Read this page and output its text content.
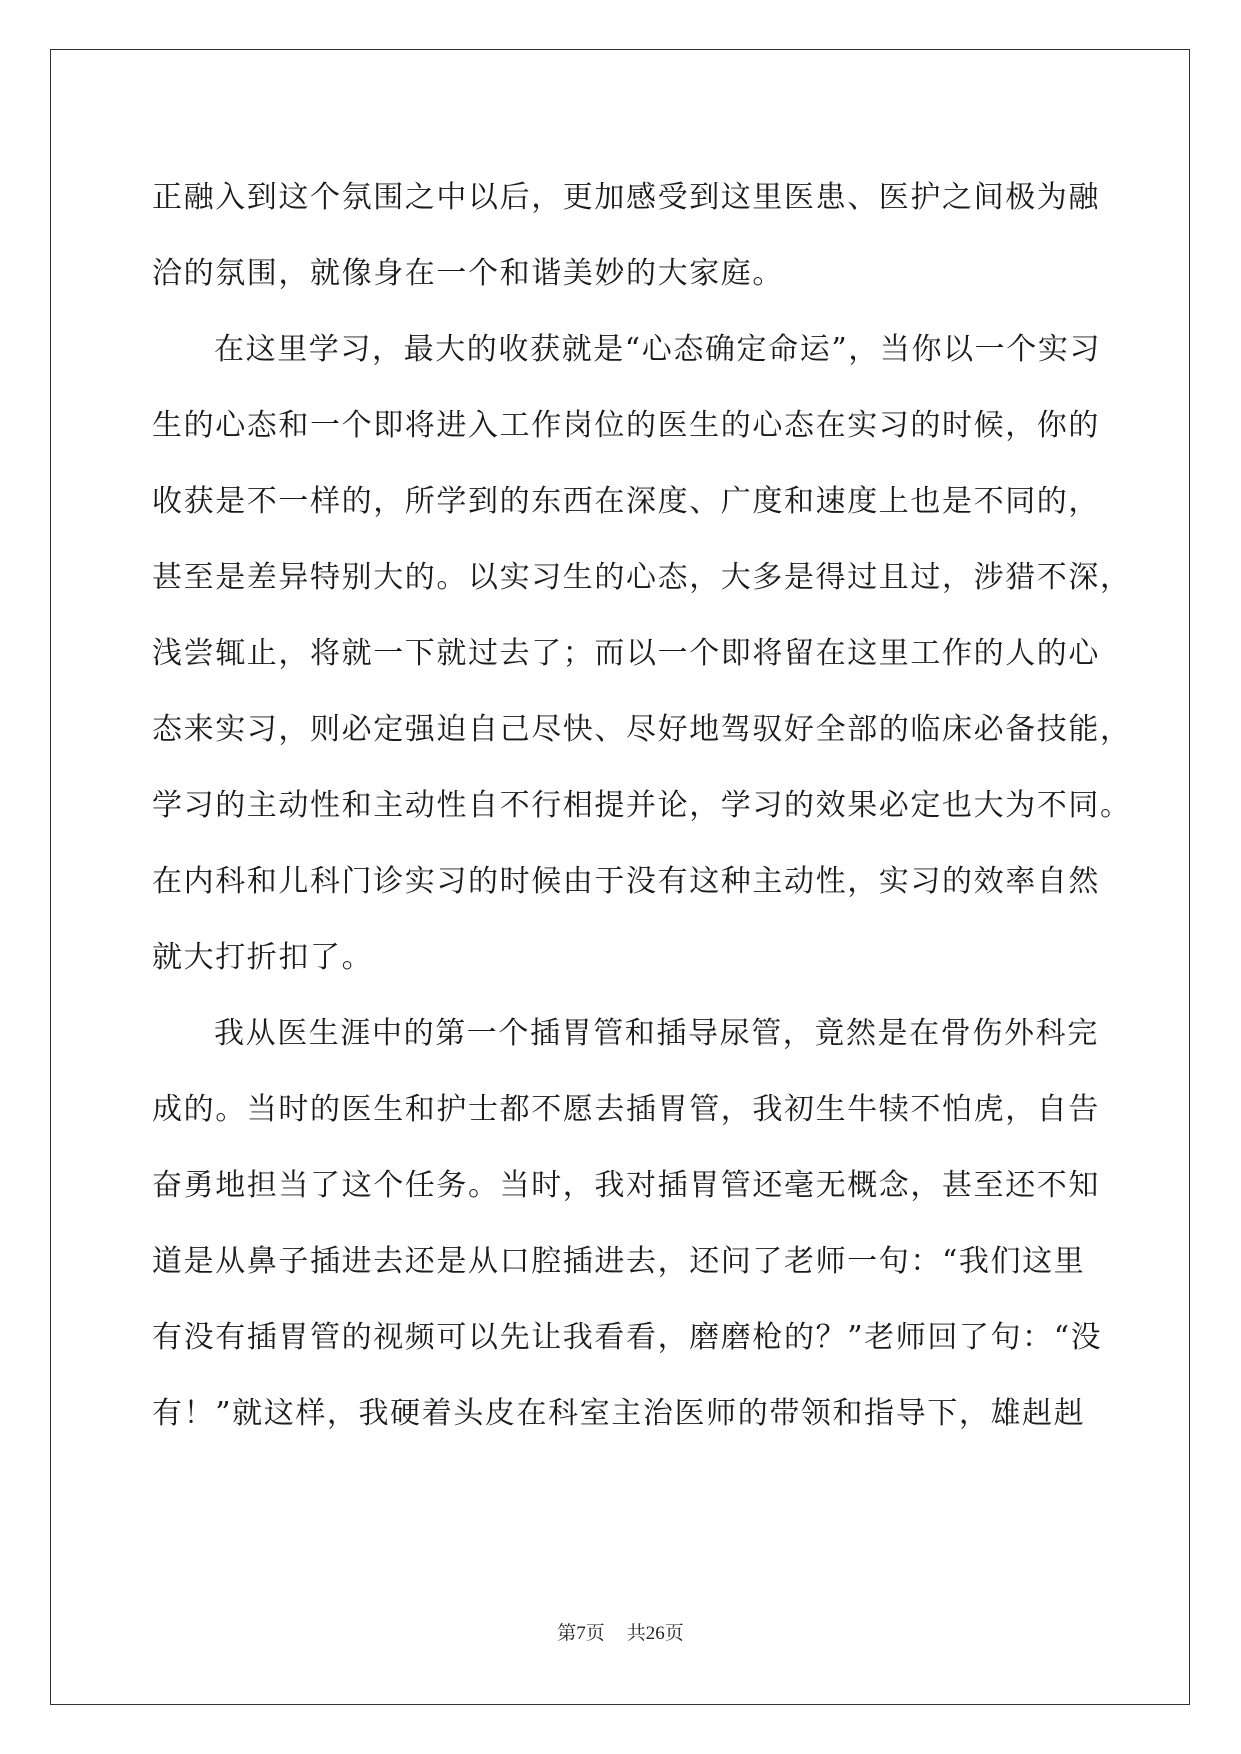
正融入到这个氛围之中以后，更加感受到这里医患、医护之间极为融
洽的氛围，就像身在一个和谐美妙的大家庭。
在这里学习，最大的收获就是“心态确定命运”，当你以一个实习
生的心态和一个即将进入工作岗位的医生的心态在实习的时候，你的
收获是不一样的，所学到的东西在深度、广度和速度上也是不同的，
甚至是差异特别大的。以实习生的心态，大多是得过且过，涉猎不深，
浅尝辄止，将就一下就过去了；而以一个即将留在这里工作的人的心
态来实习，则必定强迫自己尽快、尽好地驾驭好全部的临床必备技能，
学习的主动性和主动性自不行相提并论，学习的效果必定也大为不同。
在内科和儿科门诊实习的时候由于没有这种主动性，实习的效率自然
就大打折扣了。
我从医生涯中的第一个插胃管和插导尿管，竟然是在骨伤外科完
成的。当时的医生和护士都不愿去插胃管，我初生牛犊不怕虎，自告
奋勇地担当了这个任务。当时，我对插胃管还毫无概念，甚至还不知
道是从鼻子插进去还是从口腔插进去，还问了老师一句：“我们这里
有没有插胃管的视频可以先让我看看，磨磨枪的？”老师回了句：“没
有！”就这样，我硬着头皮在科室主治医师的带领和指导下，雄赳赳
第7页 共26页
